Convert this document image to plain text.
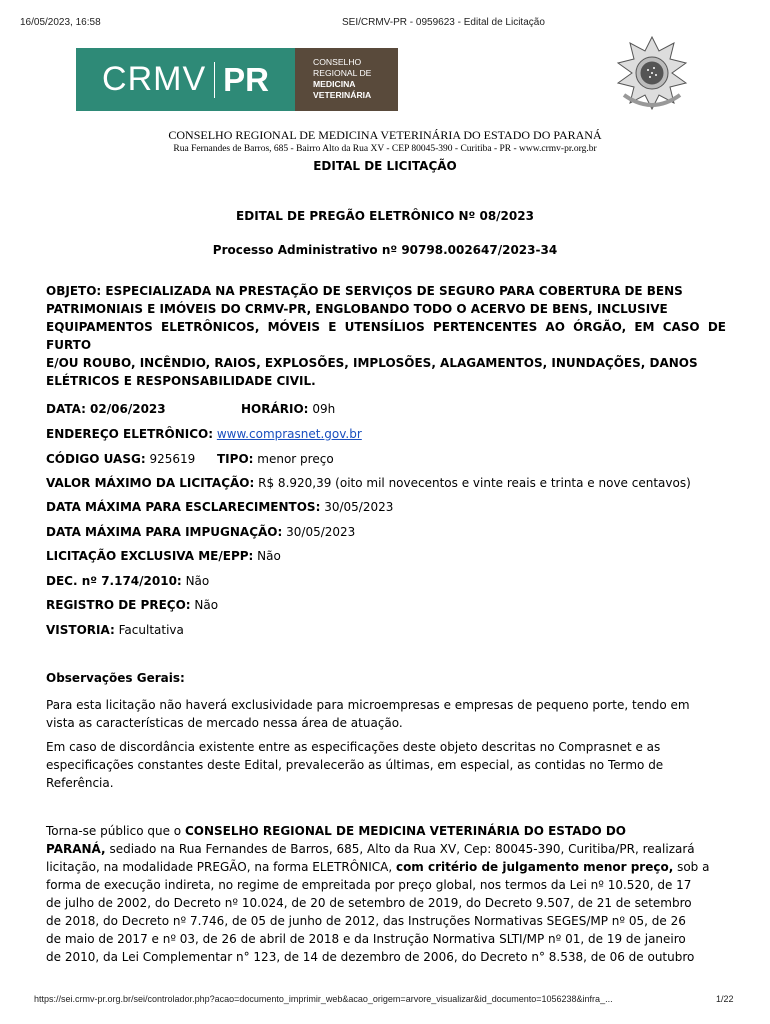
16/05/2023, 16:58	SEI/CRMV-PR - 0959623 - Edital de Licitação
CRMV PR	CONSELHO
REGIONAL DE
MEDICINA
VETERINÁRIA
CONSELHO REGIONAL DE MEDICINA VETERINÁRIA DO ESTADO DO PARANÁ
Rua Fernandes de Barros, 685 - Bairro Alto da Rua XV - CEP 80045-390 - Curitiba - PR - www.crmv-pr.org.br
EDITAL DE LICITAÇÃO
EDITAL DE PREGÃO ELETRÔNICO Nº 08/2023
Processo Administrativo nº 90798.002647/2023-34
OBJETO: ESPECIALIZADA NA PRESTAÇÃO DE SERVIÇOS DE SEGURO PARA COBERTURA DE BENS
PATRIMONIAIS E IMÓVEIS DO CRMV-PR, ENGLOBANDO TODO O ACERVO DE BENS, INCLUSIVE
EQUIPAMENTOS ELETRÔNICOS, MÓVEIS E UTENSÍLIOS PERTENCENTES AO ÓRGÃO, EM CASO DE FURTO
E/OU ROUBO, INCÊNDIO, RAIOS, EXPLOSÕES, IMPLOSÕES, ALAGAMENTOS, INUNDAÇÕES, DANOS
ELÉTRICOS E RESPONSABILIDADE CIVIL.
DATA: 02/06/2023	HORÁRIO: 09h
ENDEREÇO ELETRÔNICO: www.comprasnet.gov.br
CÓDIGO UASG: 925619 TIPO: menor preço
VALOR MÁXIMO DA LICITAÇÃO: R$ 8.920,39 (oito mil novecentos e vinte reais e trinta e nove centavos)
DATA MÁXIMA PARA ESCLARECIMENTOS: 30/05/2023
DATA MÁXIMA PARA IMPUGNAÇÃO: 30/05/2023
LICITAÇÃO EXCLUSIVA ME/EPP: Não
DEC. nº 7.174/2010: Não
REGISTRO DE PREÇO: Não
VISTORIA: Facultativa
Observações Gerais:
Para esta licitação não haverá exclusividade para microempresas e empresas de pequeno porte, tendo em
vista as características de mercado nessa área de atuação.
Em caso de discordância existente entre as especificações deste objeto descritas no Comprasnet e as
especificações constantes deste Edital, prevalecerão as últimas, em especial, as contidas no Termo de
Referência.
Torna-se público que o CONSELHO REGIONAL DE MEDICINA VETERINÁRIA DO ESTADO DO
PARANÁ, sediado na Rua Fernandes de Barros, 685, Alto da Rua XV, Cep: 80045-390, Curitiba/PR, realizará
licitação, na modalidade PREGÃO, na forma ELETRÔNICA, com critério de julgamento menor preço, sob a
forma de execução indireta, no regime de empreitada por preço global, nos termos da Lei nº 10.520, de 17
de julho de 2002, do Decreto nº 10.024, de 20 de setembro de 2019, do Decreto 9.507, de 21 de setembro
de 2018, do Decreto nº 7.746, de 05 de junho de 2012, das Instruções Normativas SEGES/MP nº 05, de 26
de maio de 2017 e nº 03, de 26 de abril de 2018 e da Instrução Normativa SLTI/MP nº 01, de 19 de janeiro
de 2010, da Lei Complementar n° 123, de 14 de dezembro de 2006, do Decreto n° 8.538, de 06 de outubro
https://sei.crmv-pr.org.br/sei/controlador.php?acao=documento_imprimir_web&acao_origem=arvore_visualizar&id_documento=1056238&infra_...	1/22
